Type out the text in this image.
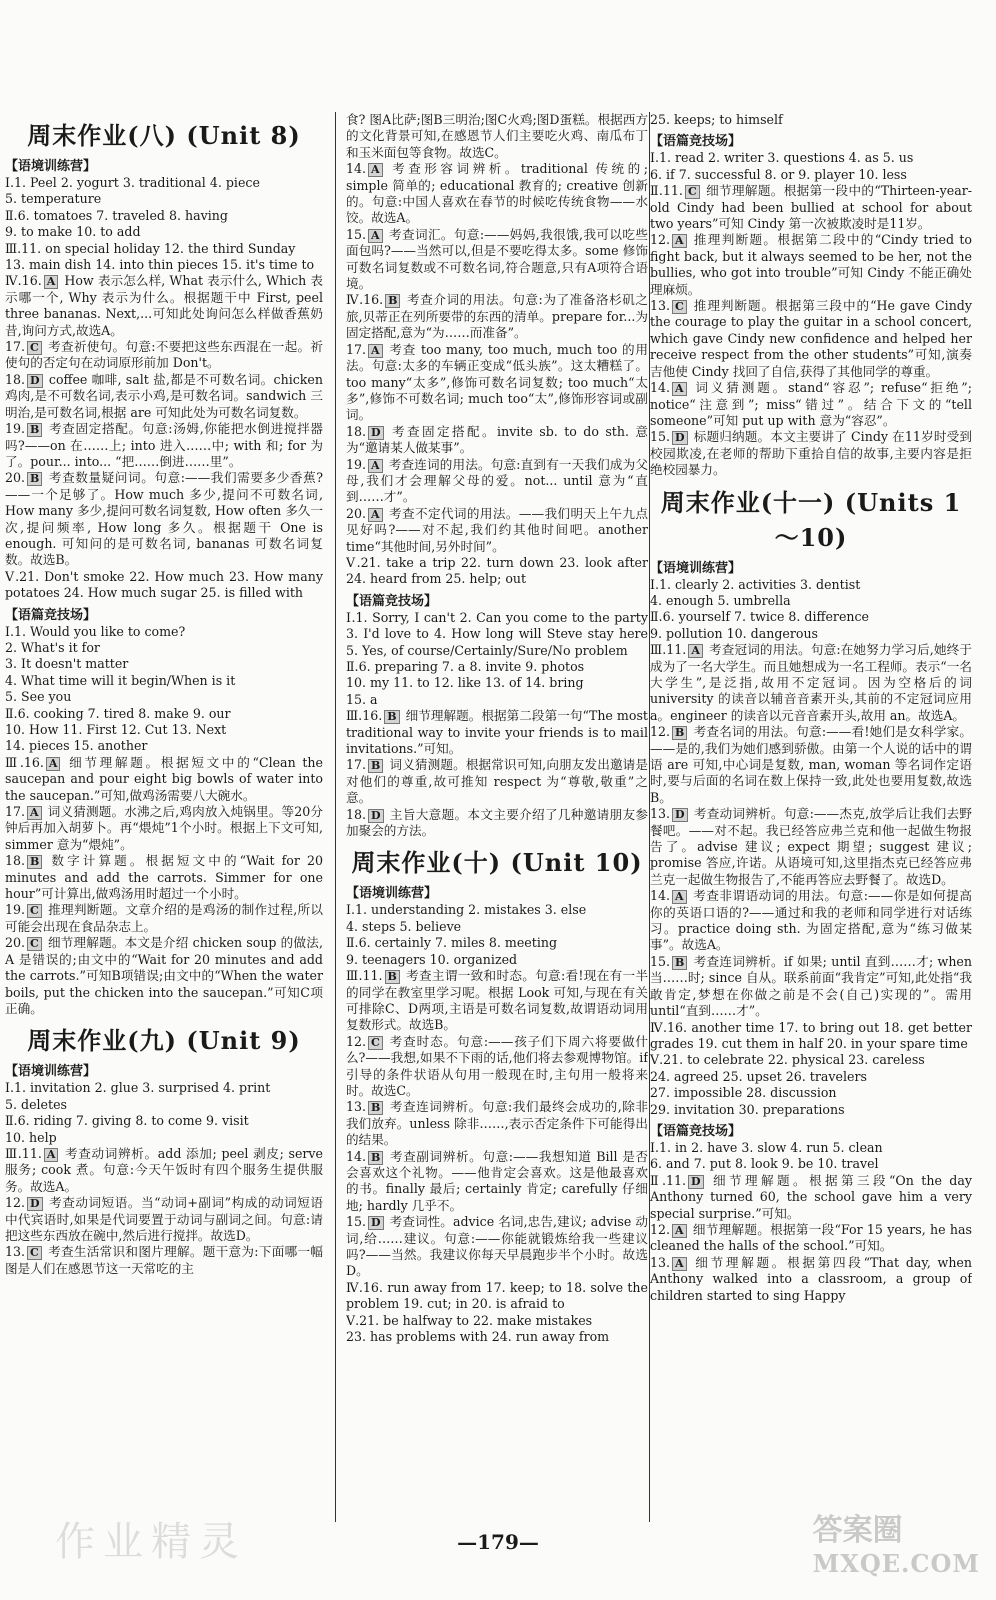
周末作业(八) (Unit 8)
【语境训练营】
Ⅰ.1. Peel 2. yogurt 3. traditional 4. piece
5. temperature
Ⅱ.6. tomatoes 7. traveled 8. having
9. to make 10. to add
Ⅲ.11. on special holiday 12. the third Sunday
13. main dish 14. into thin pieces 15. it's time to
Ⅳ.16. A How 表示怎么样, What 表示什么, Which 表示哪一个, Why 表示为什么。根据题干中 First, peel three bananas. Next,...可知此处询问怎么样做香蕉奶昔,询问方式,故选A。
17. C 考查祈使句。句意:不要把这些东西混在一起。祈使句的否定句在动词原形前加 Don't。
18. D coffee 咖啡, salt 盐,都是不可数名词。chicken 鸡肉,是不可数名词,表示小鸡,是可数名词。sandwich 三明治,是可数名词,根据 are 可知此处为可数名词复数。
19. B 考查固定搭配。句意:汤姆,你能把水倒进搅拌器吗?——on 在……上; into 进入……中; with 和; for 为了。pour... into... “把……倒进……里”。
20. B 考查数量疑问词。句意:——我们需要多少香蕉?——一个足够了。How much 多少,提问不可数名词, How many 多少,提问可数名词复数, How often 多久一次,提问频率, How long 多久。根据题干 One is enough. 可知问的是可数名词, bananas 可数名词复数。故选B。
Ⅴ.21. Don't smoke 22. How much 23. How many potatoes 24. How much sugar 25. is filled with
【语篇竞技场】
Ⅰ.1. Would you like to come?
2. What's it for
3. It doesn't matter
4. What time will it begin/When is it
5. See you
Ⅱ.6. cooking 7. tired 8. make 9. our
10. How 11. First 12. Cut 13. Next
14. pieces 15. another
Ⅲ.16. A 细节理解题。根据短文中的“Clean the saucepan and pour eight big bowls of water into the saucepan.”可知,做鸡汤需要八大碗水。
17. A 词义猜测题。水沸之后,鸡肉放入炖锅里。等20分钟后再加入胡萝卜。再“煨炖”1个小时。根据上下文可知, simmer 意为“煨炖”。
18. B 数字计算题。根据短文中的“Wait for 20 minutes and add the carrots. Simmer for one hour”可计算出,做鸡汤用时超过一个小时。
19. C 推理判断题。文章介绍的是鸡汤的制作过程,所以可能会出现在食品杂志上。
20. C 细节理解题。本文是介绍 chicken soup 的做法, A 是错误的;由文中的“Wait for 20 minutes and add the carrots.”可知B项错误;由文中的“When the water boils, put the chicken into the saucepan.”可知C项正确。
周末作业(九) (Unit 9)
【语境训练营】
Ⅰ.1. invitation 2. glue 3. surprised 4. print
5. deletes
Ⅱ.6. riding 7. giving 8. to come 9. visit
10. help
Ⅲ.11. A 考查动词辨析。add 添加; peel 剥皮; serve 服务; cook 煮。句意:今天午饭时有四个服务生提供服务。故选A。
12. D 考查动词短语。当“动词+副词”构成的动词短语中代宾语时,如果是代词要置于动词与副词之间。句意:请把这些东西放在碗中,然后进行搅拌。故选D。
13. C 考查生活常识和图片理解。题干意为:下面哪一幅图是人们在感恩节这一天常吃的主
食? 图A比萨;图B三明治;图C火鸡;图D蛋糕。根据西方的文化背景可知,在感恩节人们主要吃火鸡、南瓜布丁和玉米面包等食物。故选C。
14. A 考查形容词辨析。traditional 传统的; simple 简单的; educational 教育的; creative 创新的。句意:中国人喜欢在春节的时候吃传统食物——水饺。故选A。
15. A 考查词汇。句意:——妈妈,我很饿,我可以吃些面包吗?——当然可以,但是不要吃得太多。some 修饰可数名词复数或不可数名词,符合题意,只有A项符合语境。
Ⅳ.16. B 考查介词的用法。句意:为了准备洛杉矶之旅,贝蒂正在列所要带的东西的清单。prepare for...为固定搭配,意为“为……而准备”。
17. A 考查 too many, too much, much too 的用法。句意:太多的车辆正变成“低头族”。这太糟糕了。too many“太多”,修饰可数名词复数; too much“太多”,修饰不可数名词; much too“太”,修饰形容词或副词。
18. D 考查固定搭配。invite sb. to do sth. 意为“邀请某人做某事”。
19. A 考查连词的用法。句意:直到有一天我们成为父母,我们才会理解父母的爱。not... until 意为“直到……才”。
20. A 考查不定代词的用法。——我们明天上午九点见好吗?——对不起,我们约其他时间吧。another time“其他时间,另外时间”。
Ⅴ.21. take a trip 22. turn down 23. look after 24. heard from 25. help; out
【语篇竞技场】
Ⅰ.1. Sorry, I can't 2. Can you come to the party 3. I'd love to 4. How long will Steve stay here 5. Yes, of course/Certainly/Sure/No problem
Ⅱ.6. preparing 7. a 8. invite 9. photos
10. my 11. to 12. like 13. of 14. bring
15. a
Ⅲ.16. B 细节理解题。根据第二段第一句“The most traditional way to invite your friends is to mail invitations.”可知。
17. B 词义猜测题。根据常识可知,向朋友发出邀请是对他们的尊重,故可推知 respect 为“尊敬,敬重”之意。
18. D 主旨大意题。本文主要介绍了几种邀请朋友参加聚会的方法。
周末作业(十) (Unit 10)
【语境训练营】
Ⅰ.1. understanding 2. mistakes 3. else
4. steps 5. believe
Ⅱ.6. certainly 7. miles 8. meeting
9. teenagers 10. organized
Ⅲ.11. B 考查主谓一致和时态。句意:看!现在有一半的同学在教室里学习呢。根据 Look 可知,与现在有关可排除C、D两项,主语是可数名词复数,故谓语动词用复数形式。故选B。
12. C 考查时态。句意:——孩子们下周六将要做什么?——我想,如果不下雨的话,他们将去参观博物馆。if 引导的条件状语从句用一般现在时,主句用一般将来时。故选C。
13. B 考查连词辨析。句意:我们最终会成功的,除非我们放弃。unless 除非……,表示否定条件下可能得出的结果。
14. B 考查副词辨析。句意:——我想知道 Bill 是否会喜欢这个礼物。——他肯定会喜欢。这是他最喜欢的书。finally 最后; certainly 肯定; carefully 仔细地; hardly 几乎不。
15. D 考查词性。advice 名词,忠告,建议; advise 动词,给……建议。句意:——你能就锻炼给我一些建议吗?——当然。我建议你每天早晨跑步半个小时。故选D。
Ⅳ.16. run away from 17. keep; to 18. solve the problem 19. cut; in 20. is afraid to
Ⅴ.21. be halfway to 22. make mistakes
23. has problems with 24. run away from
25. keeps; to himself
【语篇竞技场】
Ⅰ.1. read 2. writer 3. questions 4. as 5. us
6. if 7. successful 8. or 9. player 10. less
Ⅱ.11. C 细节理解题。根据第一段中的“Thirteen-year-old Cindy had been bullied at school for about two years”可知 Cindy 第一次被欺凌时是11岁。
12. A 推理判断题。根据第二段中的“Cindy tried to fight back, but it always seemed to be her, not the bullies, who got into trouble”可知 Cindy 不能正确处理麻烦。
13. C 推理判断题。根据第三段中的“He gave Cindy the courage to play the guitar in a school concert, which gave Cindy new confidence and helped her receive respect from the other students”可知,演奏吉他使 Cindy 找回了自信,获得了其他同学的尊重。
14. A 词义猜测题。stand“容忍”; refuse“拒绝”; notice“注意到”; miss“错过”。结合下文的“tell someone”可知 put up with 意为“容忍”。
15. D 标题归纳题。本文主要讲了 Cindy 在11岁时受到校园欺凌,在老师的帮助下重拾自信的故事,主要内容是拒绝校园暴力。
周末作业(十一) (Units 1～10)
【语境训练营】
Ⅰ.1. clearly 2. activities 3. dentist
4. enough 5. umbrella
Ⅱ.6. yourself 7. twice 8. difference
9. pollution 10. dangerous
Ⅲ.11. A 考查冠词的用法。句意:在她努力学习后,她终于成为了一名大学生。而且她想成为一名工程师。表示“一名大学生”,是泛指,故用不定冠词。因为空格后的词 university 的读音以辅音音素开头,其前的不定冠词应用 a。engineer 的读音以元音音素开头,故用 an。故选A。
12. B 考查名词的用法。句意:——看!她们是女科学家。——是的,我们为她们感到骄傲。由第一个人说的话中的谓语 are 可知,中心词是复数, man, woman 等名词作定语时,要与后面的名词在数上保持一致,此处也要用复数,故选B。
13. D 考查动词辨析。句意:——杰克,放学后让我们去野餐吧。——对不起。我已经答应弗兰克和他一起做生物报告了。advise 建议; expect 期望; suggest 建议; promise 答应,许诺。从语境可知,这里指杰克已经答应弗兰克一起做生物报告了,不能再答应去野餐了。故选D。
14. A 考查非谓语动词的用法。句意:——你是如何提高你的英语口语的?——通过和我的老师和同学进行对话练习。practice doing sth. 为固定搭配,意为“练习做某事”。故选A。
15. B 考查连词辨析。if 如果; until 直到……才; when 当……时; since 自从。联系前面“我肯定”可知,此处指“我敢肯定,梦想在你做之前是不会(自己)实现的”。需用 until“直到……才”。
Ⅳ.16. another time 17. to bring out 18. get better grades 19. cut them in half 20. in your spare time
Ⅴ.21. to celebrate 22. physical 23. careless
24. agreed 25. upset 26. travelers
27. impossible 28. discussion
29. invitation 30. preparations
【语篇竞技场】
Ⅰ.1. in 2. have 3. slow 4. run 5. clean
6. and 7. put 8. look 9. be 10. travel
Ⅱ.11. D 细节理解题。根据第三段“On the day Anthony turned 60, the school gave him a very special surprise.”可知。
12. A 细节理解题。根据第一段“For 15 years, he has cleaned the halls of the school.”可知。
13. A 细节理解题。根据第四段“That day, when Anthony walked into a classroom, a group of children started to sing Happy
—179—
作业精灵	答案圈
MXQE.COM
